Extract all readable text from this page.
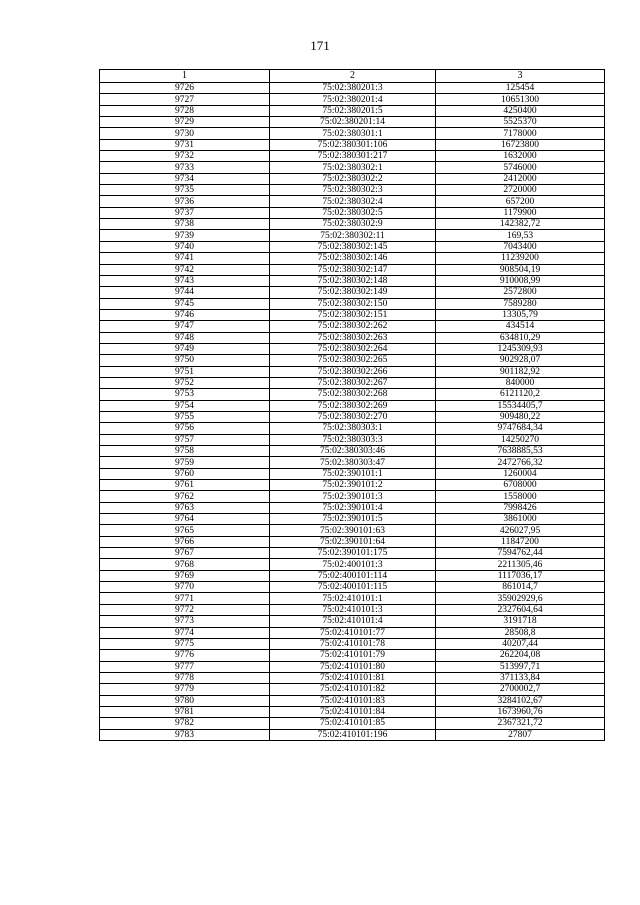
171
1	2	3
9726	75:02:380201:3	125454
9727	75:02:380201:4	10651300
9728	75:02:380201:5	4250400
9729	75:02:380201:14	5525370
9730	75:02:380301:1	7178000
9731	75:02:380301:106	16723800
9732	75:02:380301:217	1632000
9733	75:02:380302:1	5746000
9734	75:02:380302:2	2412000
9735	75:02:380302:3	2720000
9736	75:02:380302:4	657200
9737	75:02:380302:5	1179900
9738	75:02:380302:9	142382,72
9739	75:02:380302:11	169,53
9740	75:02:380302:145	7043400
9741	75:02:380302:146	11239200
9742	75:02:380302:147	908504,19
9743	75:02:380302:148	910008,99
9744	75:02:380302:149	2572800
9745	75:02:380302:150	7589280
9746	75:02:380302:151	13305,79
9747	75:02:380302:262	434514
9748	75:02:380302:263	634810,29
9749	75:02:380302:264	1245309,93
9750	75:02:380302:265	902928,07
9751	75:02:380302:266	901182,92
9752	75:02:380302:267	840000
9753	75:02:380302:268	6121120,2
9754	75:02:380302:269	15534405,7
9755	75:02:380302:270	909480,22
9756	75:02:380303:1	9747684,34
9757	75:02:380303:3	14250270
9758	75:02:380303:46	7638885,53
9759	75:02:380303:47	2472766,32
9760	75:02:390101:1	1260004
9761	75:02:390101:2	6708000
9762	75:02:390101:3	1558000
9763	75:02:390101:4	7998426
9764	75:02:390101:5	3861000
9765	75:02:390101:63	426027,95
9766	75:02:390101:64	11847200
9767	75:02:390101:175	7594762,44
9768	75:02:400101:3	2211305,46
9769	75:02:400101:114	1117036,17
9770	75:02:400101:115	861014,7
9771	75:02:410101:1	35902929,6
9772	75:02:410101:3	2327604,64
9773	75:02:410101:4	3191718
9774	75:02:410101:77	28508,8
9775	75:02:410101:78	40207,44
9776	75:02:410101:79	262204,08
9777	75:02:410101:80	513997,71
9778	75:02:410101:81	371133,84
9779	75:02:410101:82	2700002,7
9780	75:02:410101:83	3284102,67
9781	75:02:410101:84	1673960,76
9782	75:02:410101:85	2367321,72
9783	75:02:410101:196	27807
